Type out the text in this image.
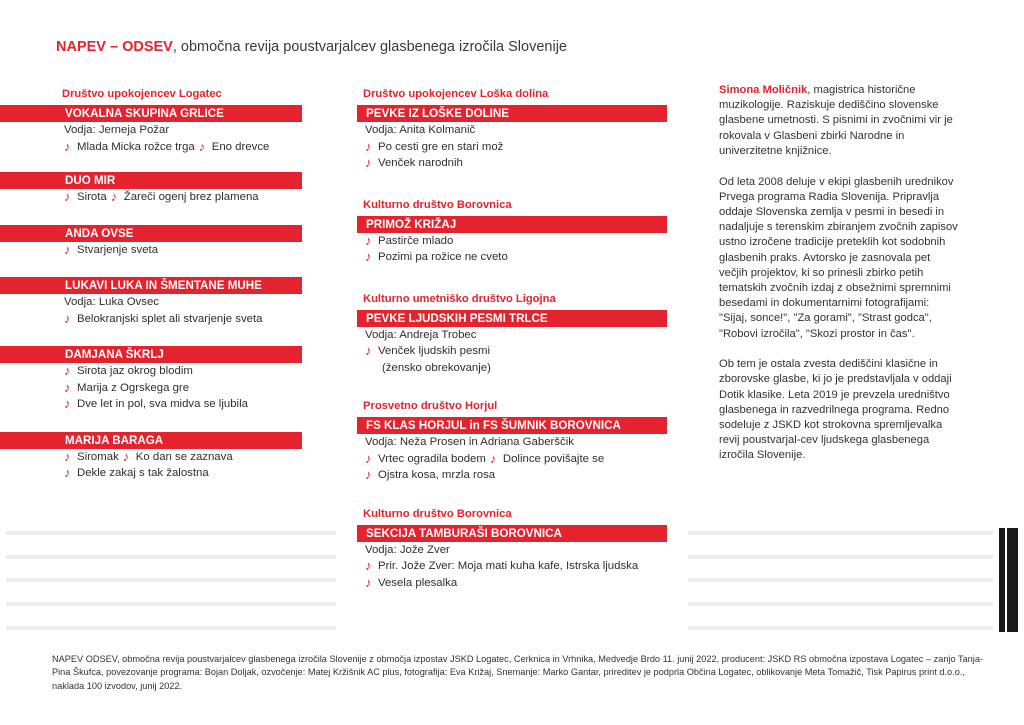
NAPEV – ODSEV, območna revija poustvarjalcev glasbenega izročila Slovenije
Društvo upokojencev Logatec
VOKALNA SKUPINA GRLICE
Vodja: Jerneja Požar
♪ Mlada Micka rožce trga ♪ Eno drevce
DUO MIR
♪ Sirota ♪ Žareči ogenj brez plamena
ANDA OVSE
♪ Stvarjenje sveta
LUKAVI LUKA IN ŠMENTANE MUHE
Vodja: Luka Ovsec
♪ Belokranjski splet ali stvarjenje sveta
DAMJANA ŠKRLJ
♪ Sirota jaz okrog blodim
♪ Marija z Ogrskega gre
♪ Dve let in pol, sva midva se ljubila
MARIJA BARAGA
♪ Siromak ♪ Ko dan se zaznava
♪ Dekle zakaj s tak žalostna
Društvo upokojencev Loška dolina
PEVKE IZ LOŠKE DOLINE
Vodja: Anita Kolmanič
♪ Po cesti gre en stari mož
♪ Venček narodnih
Kulturno društvo Borovnica
PRIMOŽ KRIŽAJ
♪ Pastirče mlado
♪ Pozimi pa rožice ne cveto
Kulturno umetniško društvo Ligojna
PEVKE LJUDSKIH PESMI TRLCE
Vodja: Andreja Trobec
♪ Venček ljudskih pesmi
(žensko obrekovanje)
Prosvetno društvo Horjul
FS KLAS HORJUL in FS ŠUMNIK BOROVNICA
Vodja: Neža Prosen in Adriana Gaberščik
♪ Vrtec ogradila bodem ♪ Dolince povišajte se
♪ Ojstra kosa, mrzla rosa
Kulturno društvo Borovnica
SEKCIJA TAMBURAŠI BOROVNICA
Vodja: Jože Zver
♪ Prir. Jože Zver: Moja mati kuha kafe, Istrska ljudska
♪ Vesela plesalka

Simona Moličnik, magistrica historične muzikologije. Raziskuje dediščino slovenske glasbene umetnosti. S pisnimi in zvočnimi vir je rokovala v Glasbeni zbirki Narodne in univerzitetne knjižnice.

Od leta 2008 deluje v ekipi glasbenih urednikov Prvega programa Radia Slovenija. Pripravlja oddaje Slovenska zemlja v pesmi in besedi in nadaljuje s terenskim zbiranjem zvočnih zapisov ustno izročene tradicije preteklih kot sodobnih glasbenih praks. Avtorsko je zasnovala pet večjih projektov, ki so prinesli zbirko petih tematskih zvočnih izdaj z obsežnimi spremnimi besedami in dokumentarnimi fotografijami: "Sijaj, sonce!", "Za gorami", "Strast godca", "Robovi izročila", "Skozi prostor in čas".

Ob tem je ostala zvesta dediščini klasične in zborovske glasbe, ki jo je predstavljala v oddaji Dotik klasike. Leta 2019 je prevzela uredništvo glasbenega in razvedrilnega programa. Redno sodeluje z JSKD kot strokovna spremljevalka revij poustvarjal-cev ljudskega glasbenega izročila Slovenije.

NAPEV ODSEV, območna revija poustvarjalcev glasbenega izročila Slovenije z območja izpostav JSKD Logatec, Cerknica in Vrhnika, Medvedje Brdo 11. junij 2022, producent: JSKD RS območna izpostava Logatec – zanjo Tanja-Pina Škufca, povezovanje programa: Bojan Doljak, ozvočenje: Matej Kržišnik AC plus, fotografija: Eva Križaj, Snemanje: Marko Gantar, prireditev je podprla Občina Logatec, oblikovanje Meta Tomažič, Tisk Papirus print d.o.o., naklada 100 izvodov, junij 2022.
